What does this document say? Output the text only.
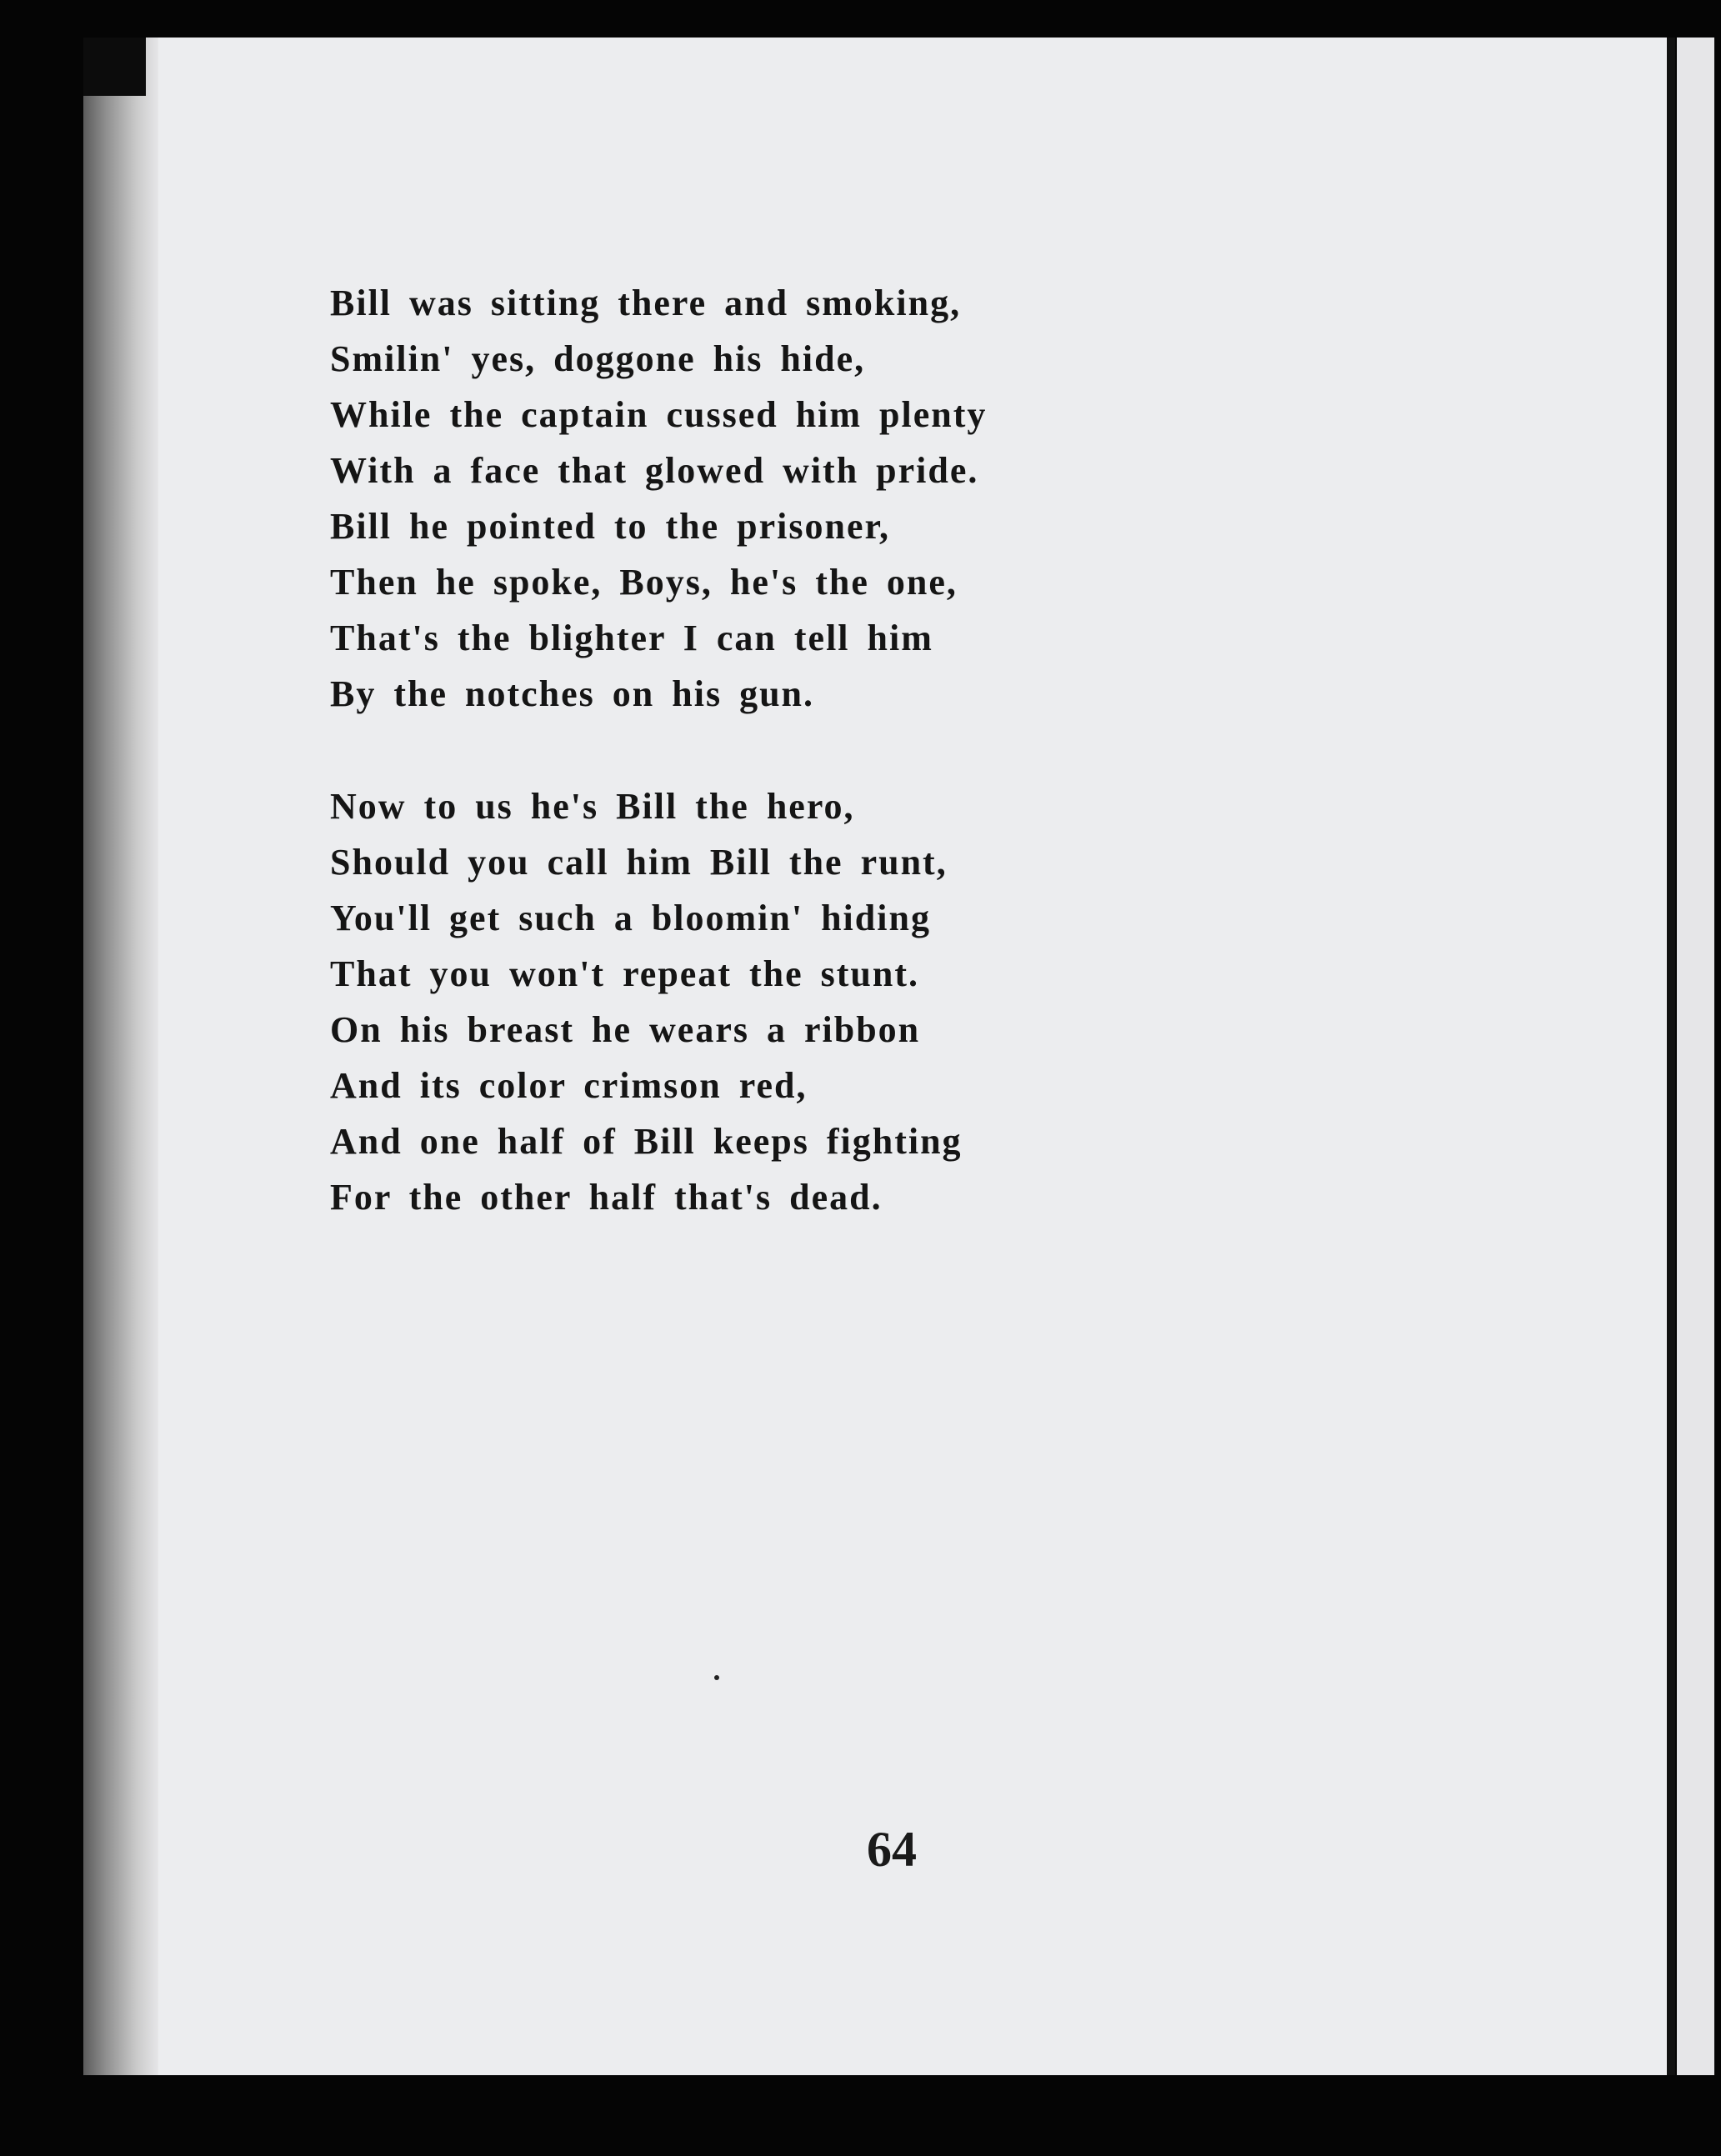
Bill was sitting there and smoking,
Smilin' yes, doggone his hide,
While the captain cussed him plenty
With a face that glowed with pride.
Bill he pointed to the prisoner,
Then he spoke, Boys, he's the one,
That's the blighter I can tell him
By the notches on his gun.
Now to us he's Bill the hero,
Should you call him Bill the runt,
You'll get such a bloomin' hiding
That you won't repeat the stunt.
On his breast he wears a ribbon
And its color crimson red,
And one half of Bill keeps fighting
For the other half that's dead.
64
